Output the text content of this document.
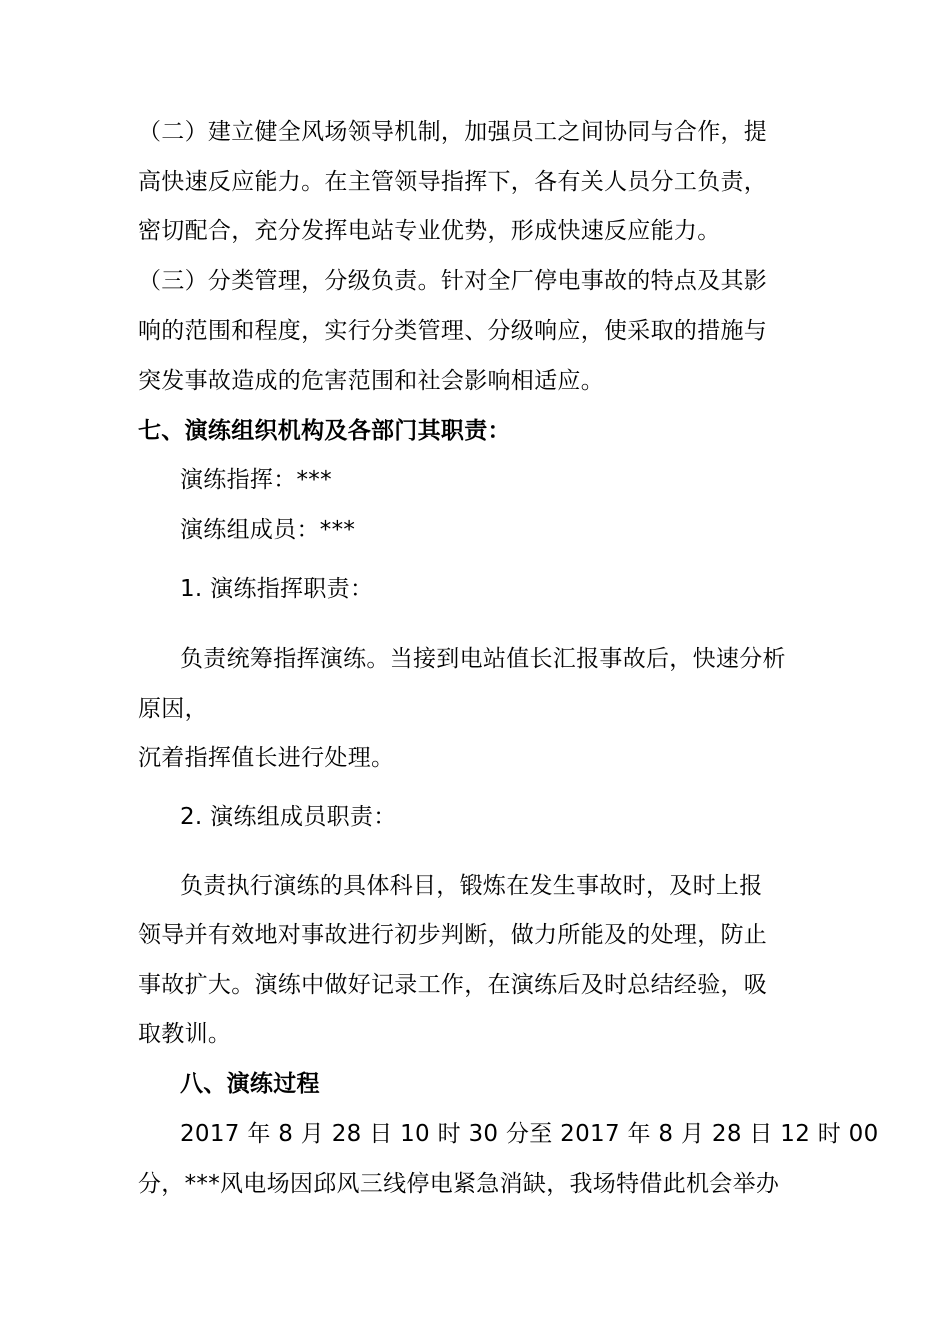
（二）建立健全风场领导机制，加强员工之间协同与合作，提
高快速反应能力。在主管领导指挥下，各有关人员分工负责，
密切配合，充分发挥电站专业优势，形成快速反应能力。
（三）分类管理，分级负责。针对全厂停电事故的特点及其影
响的范围和程度，实行分类管理、分级响应，使采取的措施与
突发事故造成的危害范围和社会影响相适应。
七、演练组织机构及各部门其职责：
演练指挥：***
演练组成员：***
1. 演练指挥职责：
负责统筹指挥演练。当接到电站值长汇报事故后，快速分析
原因，
沉着指挥值长进行处理。
2. 演练组成员职责：
负责执行演练的具体科目，锻炼在发生事故时，及时上报
领导并有效地对事故进行初步判断，做力所能及的处理，防止
事故扩大。演练中做好记录工作，在演练后及时总结经验，吸
取教训。
八、演练过程
2017 年 8 月 28 日 10 时 30 分至 2017 年 8 月 28 日 12 时 00
分，***风电场因邱风三线停电紧急消缺，我场特借此机会举办
